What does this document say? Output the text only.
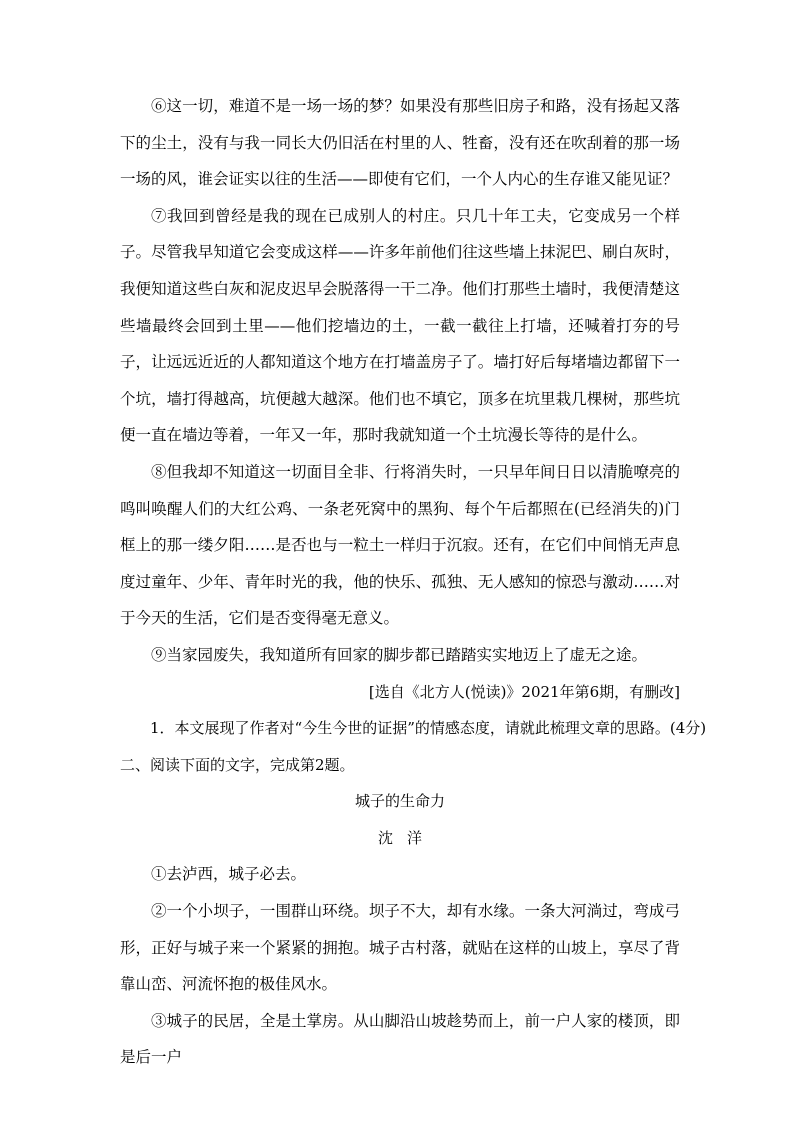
⑥这一切，难道不是一场一场的梦？如果没有那些旧房子和路，没有扬起又落下的尘土，没有与我一同长大仍旧活在村里的人、牲畜，没有还在吹刮着的那一场一场的风，谁会证实以往的生活——即使有它们，一个人内心的生存谁又能见证？

⑦我回到曾经是我的现在已成别人的村庄。只几十年工夫，它变成另一个样子。尽管我早知道它会变成这样——许多年前他们往这些墙上抹泥巴、刷白灰时，我便知道这些白灰和泥皮迟早会脱落得一干二净。他们打那些土墙时，我便清楚这些墙最终会回到土里——他们挖墙边的土，一截一截往上打墙，还喊着打夯的号子，让远远近近的人都知道这个地方在打墙盖房子了。墙打好后每堵墙边都留下一个坑，墙打得越高，坑便越大越深。他们也不填它，顶多在坑里栽几棵树，那些坑便一直在墙边等着，一年又一年，那时我就知道一个土坑漫长等待的是什么。

⑧但我却不知道这一切面目全非、行将消失时，一只早年间日日以清脆嘹亮的鸣叫唤醒人们的大红公鸡、一条老死窝中的黑狗、每个午后都照在(已经消失的)门框上的那一缕夕阳……是否也与一粒土一样归于沉寂。还有，在它们中间悄无声息度过童年、少年、青年时光的我，他的快乐、孤独、无人感知的惊恐与激动……对于今天的生活，它们是否变得毫无意义。

⑨当家园废失，我知道所有回家的脚步都已踏踏实实地迈上了虚无之途。

[选自《北方人(悦读)》2021年第6期，有删改]

1．本文展现了作者对“今生今世的证据”的情感态度，请就此梳理文章的思路。(4分)

二、阅读下面的文字，完成第2题。

城子的生命力

沈洋

①去泸西，城子必去。

②一个小坝子，一围群山环绕。坝子不大，却有水缘。一条大河淌过，弯成弓形，正好与城子来一个紧紧的拥抱。城子古村落，就贴在这样的山坡上，享尽了背靠山峦、河流怀抱的极佳风水。

③城子的民居，全是土掌房。从山脚沿山坡趁势而上，前一户人家的楼顶，即是后一户
